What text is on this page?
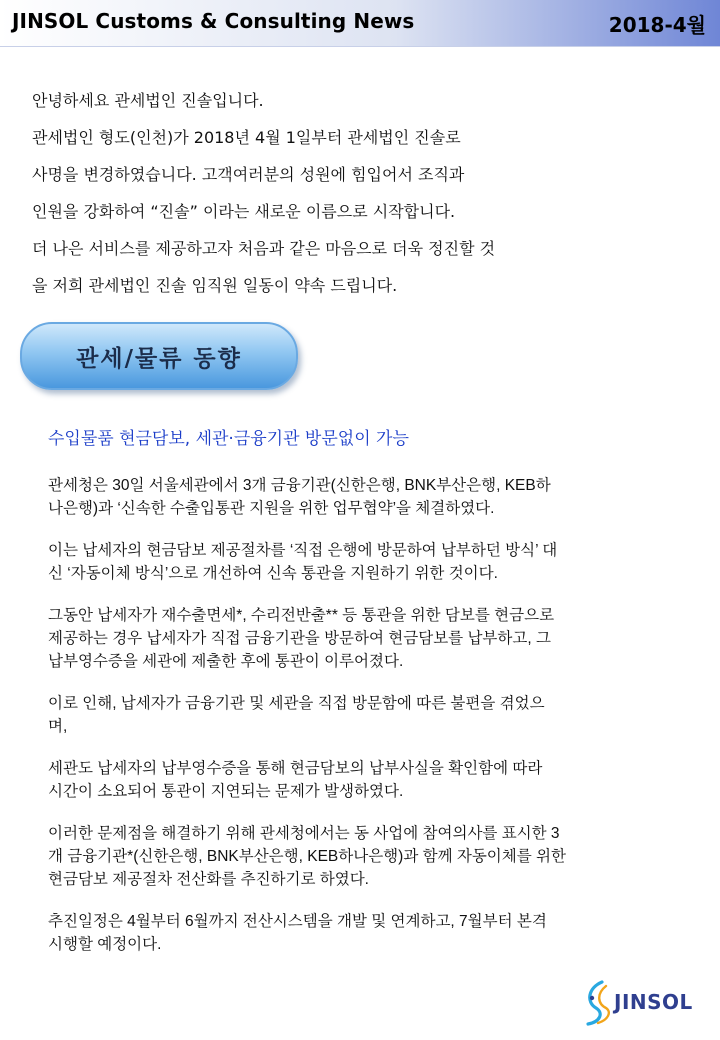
JINSOL Customs & Consulting News	2018-4월
안녕하세요 관세법인 진솔입니다.
관세법인 형도(인천)가 2018년 4월 1일부터 관세법인 진솔로
사명을 변경하였습니다. 고객여러분의 성원에 힘입어서 조직과
인원을 강화하여 “진솔” 이라는 새로운 이름으로 시작합니다.
더 나은 서비스를 제공하고자 처음과 같은 마음으로 더욱 정진할 것
을 저희 관세법인 진솔 임직원 일동이 약속 드립니다.
관세/물류 동향
수입물품 현금담보, 세관·금융기관 방문없이 가능

관세청은 30일 서울세관에서 3개 금융기관(신한은행, BNK부산은행, KEB하
나은행)과 ‘신속한 수출입통관 지원을 위한 업무협약’을 체결하였다.

이는 납세자의 현금담보 제공절차를 ‘직접 은행에 방문하여 납부하던 방식’ 대
신 ‘자동이체 방식’으로 개선하여 신속 통관을 지원하기 위한 것이다.

그동안 납세자가 재수출면세*, 수리전반출** 등 통관을 위한 담보를 현금으로
제공하는 경우 납세자가 직접 금융기관을 방문하여 현금담보를 납부하고, 그
납부영수증을 세관에 제출한 후에 통관이 이루어졌다.

이로 인해, 납세자가 금융기관 및 세관을 직접 방문함에 따른 불편을 겪었으
며,

세관도 납세자의 납부영수증을 통해 현금담보의 납부사실을 확인함에 따라
시간이 소요되어 통관이 지연되는 문제가 발생하였다.

이러한 문제점을 해결하기 위해 관세청에서는 동 사업에 참여의사를 표시한 3
개 금융기관*(신한은행, BNK부산은행, KEB하나은행)과 함께 자동이체를 위한
현금담보 제공절차 전산화를 추진하기로 하였다.

추진일정은 4월부터 6월까지 전산시스템을 개발 및 연계하고, 7월부터 본격
시행할 예정이다.

JINSOL
